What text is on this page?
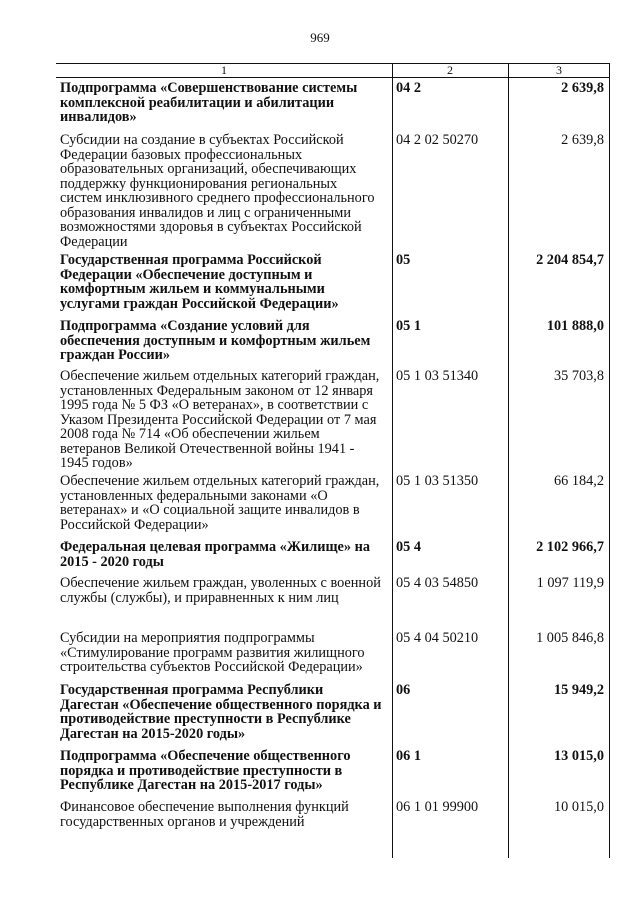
969
1	2	3
Подпрограмма «Совершенствование системы комплексной реабилитации и абилитации инвалидов»
04 2	2 639,8
Субсидии на создание в субъектах Российской Федерации базовых профессиональных образовательных организаций, обеспечивающих поддержку функционирования региональных систем инклюзивного среднего профессионального образования инвалидов и лиц с ограниченными возможностями здоровья в субъектах Российской Федерации
04 2 02 50270	2 639,8
Государственная программа Российской Федерации «Обеспечение доступным и комфортным жильем и коммунальными услугами граждан Российской Федерации»
05	2 204 854,7
Подпрограмма «Создание условий для обеспечения доступным и комфортным жильем граждан России»
05 1	101 888,0
Обеспечение жильем отдельных категорий граждан, установленных Федеральным законом от 12 января 1995 года № 5 ФЗ «О ветеранах», в соответствии с Указом Президента Российской Федерации от 7 мая 2008 года № 714 «Об обеспечении жильем ветеранов Великой Отечественной войны 1941 - 1945 годов»
05 1 03 51340	35 703,8
Обеспечение жильем отдельных категорий граждан, установленных федеральными законами «О ветеранах» и «О социальной защите инвалидов в Российской Федерации»
05 1 03 51350	66 184,2
Федеральная целевая программа «Жилище» на 2015 - 2020 годы
05 4	2 102 966,7
Обеспечение жильем граждан, уволенных с военной службы (службы), и приравненных к ним лиц
05 4 03 54850	1 097 119,9
Субсидии на мероприятия подпрограммы «Стимулирование программ развития жилищного строительства субъектов Российской Федерации»
05 4 04 50210	1 005 846,8
Государственная программа Республики Дагестан «Обеспечение общественного порядка и противодействие преступности в Республике Дагестан на 2015-2020 годы»
06	15 949,2
Подпрограмма «Обеспечение общественного порядка и противодействие преступности в Республике Дагестан на 2015-2017 годы»
06 1	13 015,0
Финансовое обеспечение выполнения функций государственных органов и учреждений
06 1 01 99900	10 015,0
